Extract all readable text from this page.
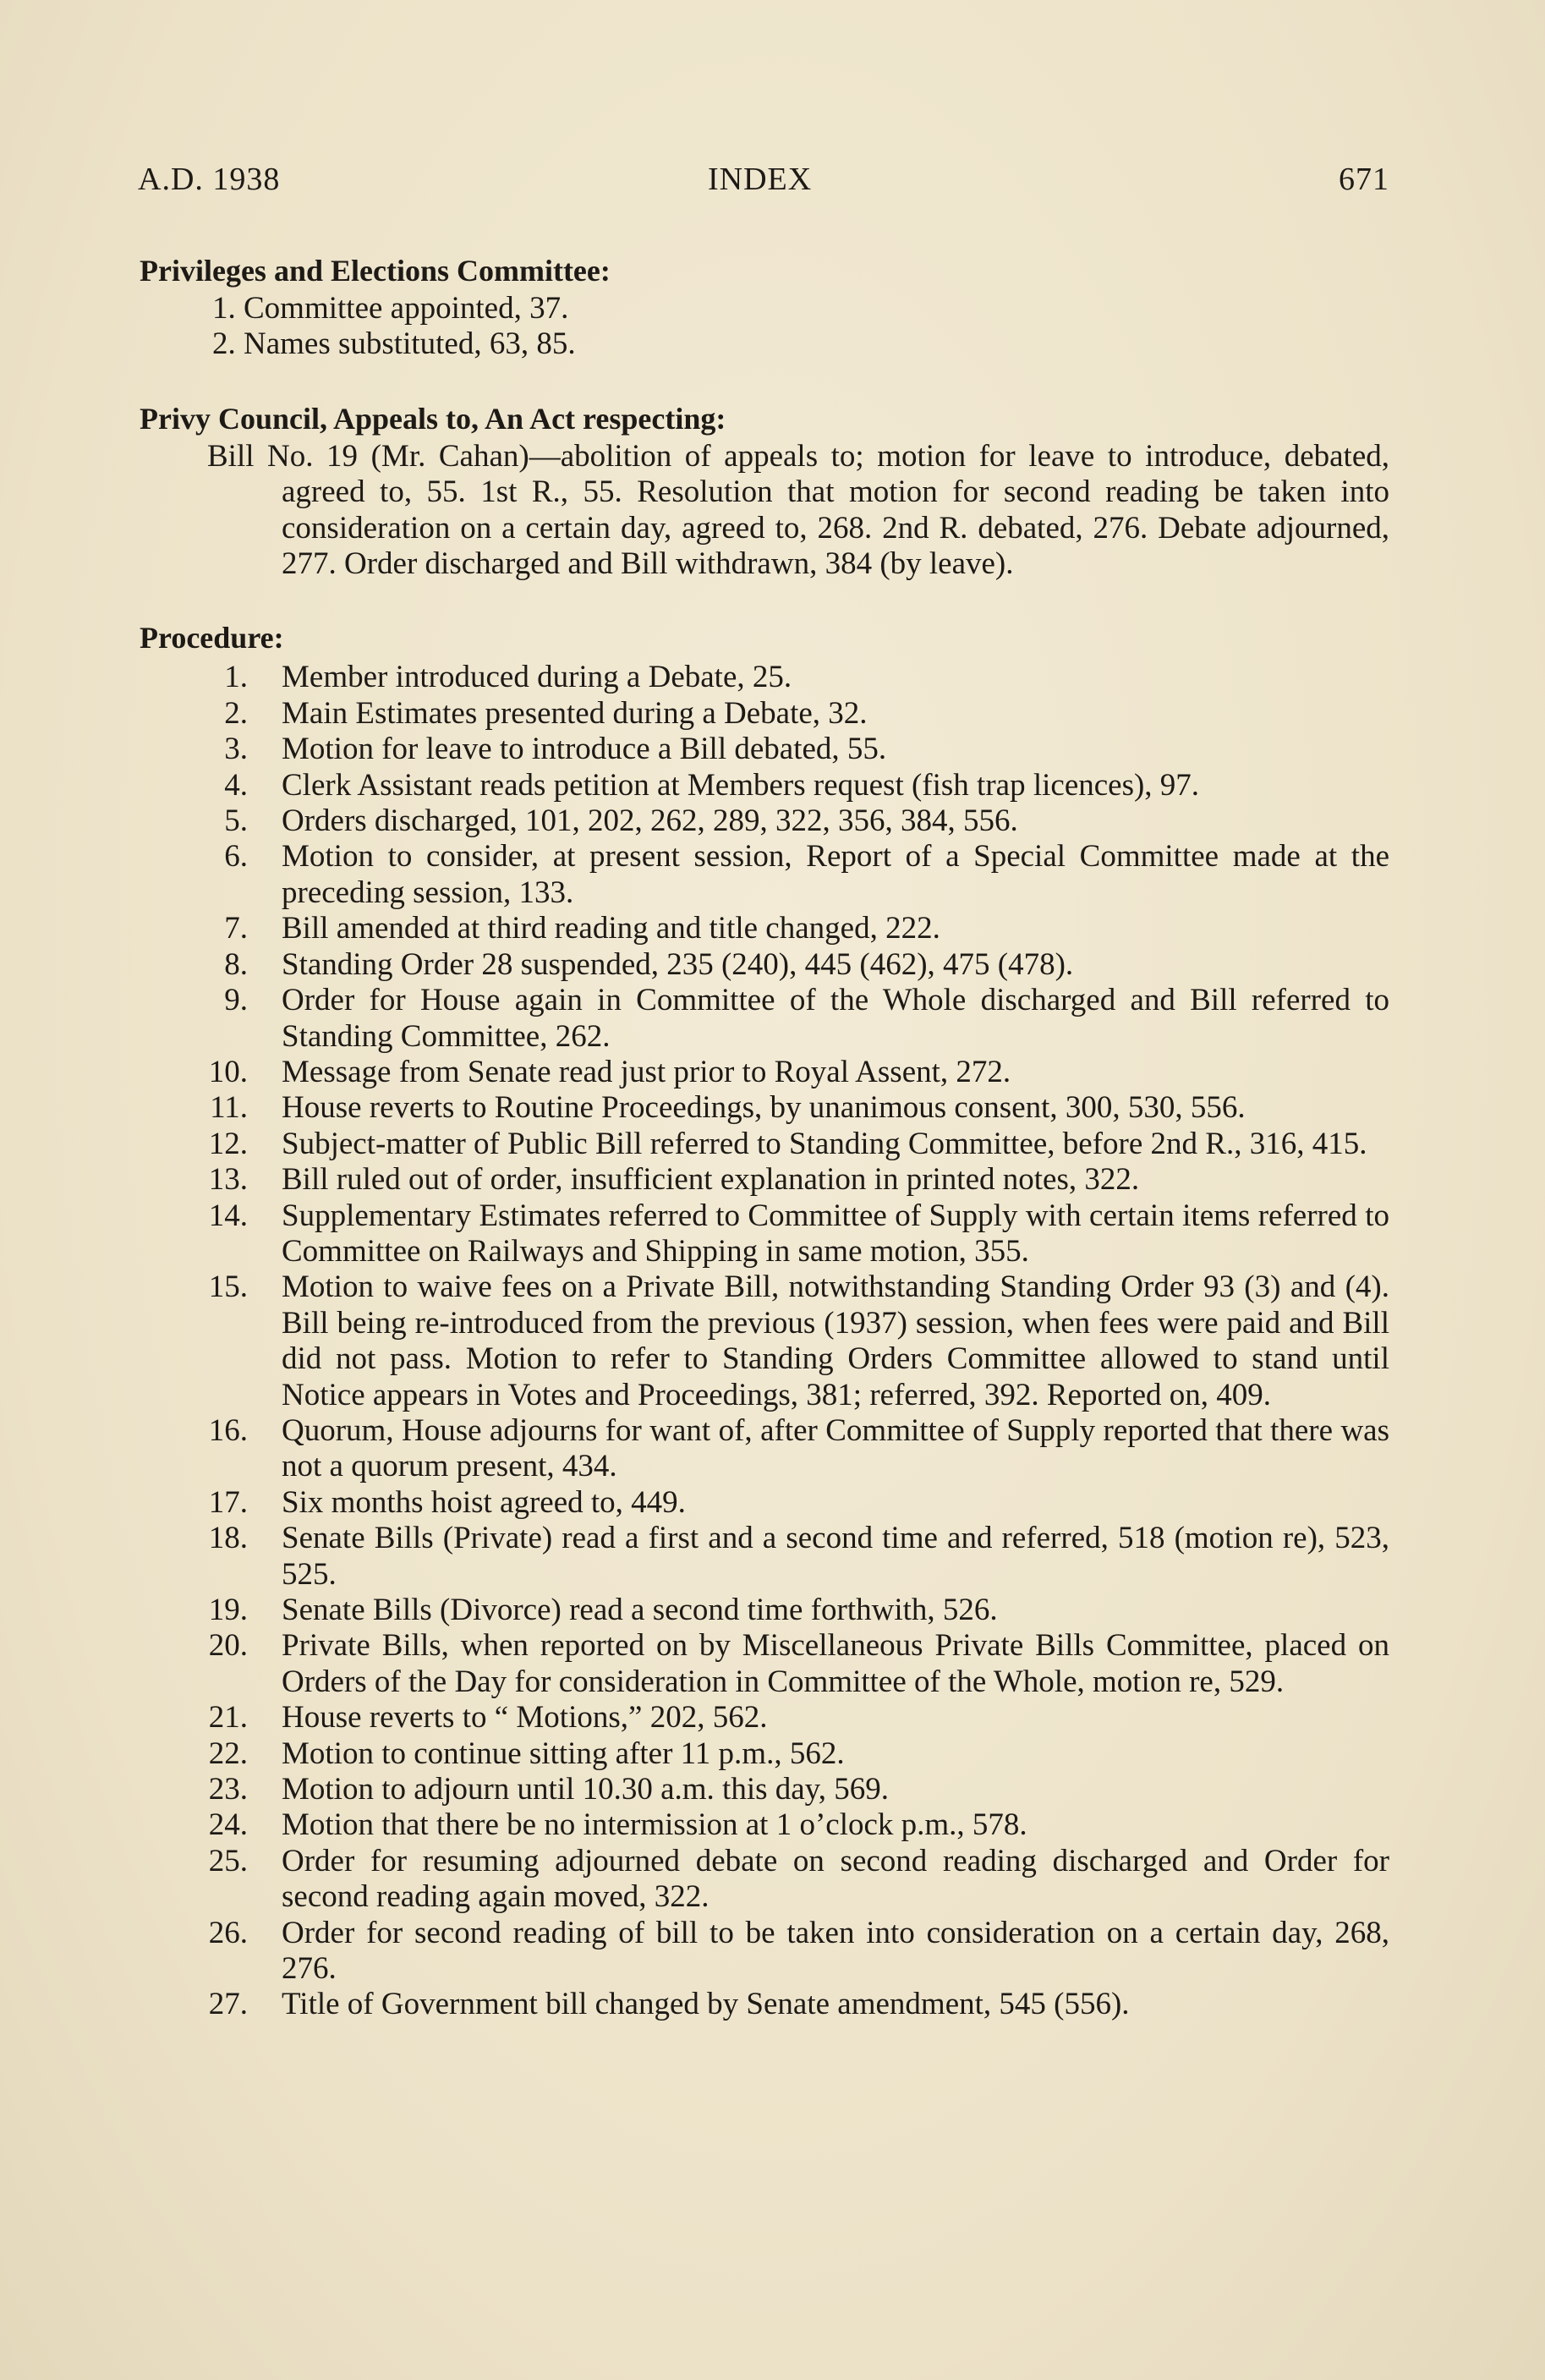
A.D. 1938	INDEX	671

Privileges and Elections Committee:

1. Committee appointed, 37.
2. Names substituted, 63, 85.

Privy Council, Appeals to, An Act respecting:

Bill No. 19 (Mr. Cahan)—abolition of appeals to; motion for leave to introduce, debated, agreed to, 55. 1st R., 55. Resolution that motion for second reading be taken into consideration on a certain day, agreed to, 268. 2nd R. debated, 276. Debate adjourned, 277. Order discharged and Bill withdrawn, 384 (by leave).

Procedure:

1. Member introduced during a Debate, 25.
2. Main Estimates presented during a Debate, 32.
3. Motion for leave to introduce a Bill debated, 55.
4. Clerk Assistant reads petition at Members request (fish trap licences), 97.
5. Orders discharged, 101, 202, 262, 289, 322, 356, 384, 556.
6. Motion to consider, at present session, Report of a Special Committee made at the preceding session, 133.
7. Bill amended at third reading and title changed, 222.
8. Standing Order 28 suspended, 235 (240), 445 (462), 475 (478).
9. Order for House again in Committee of the Whole discharged and Bill referred to Standing Committee, 262.
10. Message from Senate read just prior to Royal Assent, 272.
11. House reverts to Routine Proceedings, by unanimous consent, 300, 530, 556.
12. Subject-matter of Public Bill referred to Standing Committee, before 2nd R., 316, 415.
13. Bill ruled out of order, insufficient explanation in printed notes, 322.
14. Supplementary Estimates referred to Committee of Supply with certain items referred to Committee on Railways and Shipping in same motion, 355.
15. Motion to waive fees on a Private Bill, notwithstanding Standing Order 93 (3) and (4). Bill being re-introduced from the previous (1937) session, when fees were paid and Bill did not pass. Motion to refer to Standing Orders Committee allowed to stand until Notice appears in Votes and Proceedings, 381; referred, 392. Reported on, 409.
16. Quorum, House adjourns for want of, after Committee of Supply reported that there was not a quorum present, 434.
17. Six months hoist agreed to, 449.
18. Senate Bills (Private) read a first and a second time and referred, 518 (motion re), 523, 525.
19. Senate Bills (Divorce) read a second time forthwith, 526.
20. Private Bills, when reported on by Miscellaneous Private Bills Committee, placed on Orders of the Day for consideration in Committee of the Whole, motion re, 529.
21. House reverts to “ Motions,” 202, 562.
22. Motion to continue sitting after 11 p.m., 562.
23. Motion to adjourn until 10.30 a.m. this day, 569.
24. Motion that there be no intermission at 1 o’clock p.m., 578.
25. Order for resuming adjourned debate on second reading discharged and Order for second reading again moved, 322.
26. Order for second reading of bill to be taken into consideration on a certain day, 268, 276.
27. Title of Government bill changed by Senate amendment, 545 (556).
